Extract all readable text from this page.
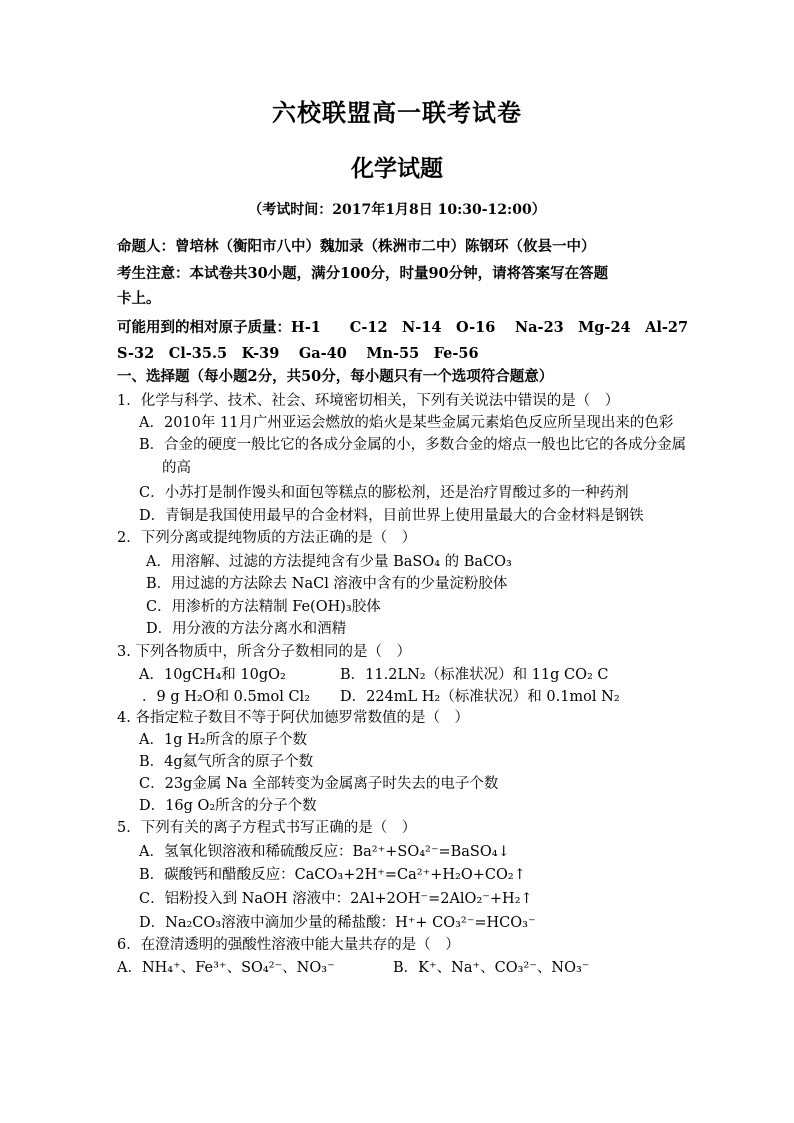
六校联盟高一联考试卷
化学试题
（考试时间：2017年1月8日 10:30-12:00）
命题人：曾培林（衡阳市八中）魏加录（株洲市二中）陈钢环（攸县一中）
考生注意：本试卷共30小题，满分100分，时量90分钟，请将答案写在答题
卡上。
可能用到的相对原子质量：H-1　　C-12　N-14　O-16　 Na-23　Mg-24　Al-27
S-32　Cl-35.5　K-39　 Ga-40　 Mn-55　Fe-56
一、选择题（每小题2分，共50分，每小题只有一个选项符合题意）
1．化学与科学、技术、社会、环境密切相关，下列有关说法中错误的是（　）
A．2010年 11月广州亚运会燃放的焰火是某些金属元素焰色反应所呈现出来的色彩
B．合金的硬度一般比它的各成分金属的小，多数合金的熔点一般也比它的各成分金属
的高
C．小苏打是制作馒头和面包等糕点的膨松剂，还是治疗胃酸过多的一种药剂
D．青铜是我国使用最早的合金材料，目前世界上使用量最大的合金材料是钢铁
2．下列分离或提纯物质的方法正确的是（　）
A．用溶解、过滤的方法提纯含有少量 BaSO₄ 的 BaCO₃
B．用过滤的方法除去 NaCl 溶液中含有的少量淀粉胶体
C．用渗析的方法精制 Fe(OH)₃胶体
D．用分液的方法分离水和酒精
3. 下列各物质中，所含分子数相同的是（　）
A．10gCH₄和 10gO₂	B．11.2LN₂（标准状况）和 11g CO₂ C
．9 g H₂O和 0.5mol Cl₂ D．224mL H₂（标准状况）和 0.1mol N₂
4. 各指定粒子数目不等于阿伏加德罗常数值的是（　）
A．1g H₂所含的原子个数
B．4g氦气所含的原子个数
C．23g金属 Na 全部转变为金属离子时失去的电子个数
D．16g O₂所含的分子个数
5．下列有关的离子方程式书写正确的是（　）
A．氢氧化钡溶液和稀硫酸反应：Ba²⁺+SO₄²⁻=BaSO₄↓
B．碳酸钙和醋酸反应：CaCO₃+2H⁺=Ca²⁺+H₂O+CO₂↑
C．铝粉投入到 NaOH 溶液中：2Al+2OH⁻=2AlO₂⁻+H₂↑
D．Na₂CO₃溶液中滴加少量的稀盐酸：H⁺+ CO₃²⁻=HCO₃⁻
6．在澄清透明的强酸性溶液中能大量共存的是（　）
A．NH₄⁺、Fe³⁺、SO₄²⁻、NO₃⁻	B．K⁺、Na⁺、CO₃²⁻、NO₃⁻
